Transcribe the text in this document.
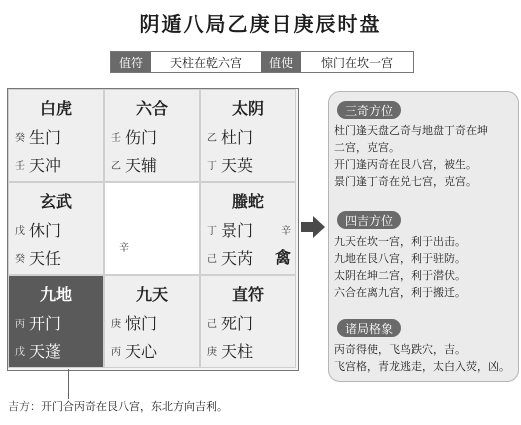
阴遁八局乙庚日庚辰时盘
值符	天柱在乾六宫	值使	惊门在坎一宫
白虎
癸 生门
壬 天冲
六合
壬 伤门
乙 天辅
太阴
乙 杜门
丁 天英
玄武
戊 休门
癸 天任
辛
螣蛇
丁 景门	辛
己 天芮 禽
九地
丙 开门
戊 天蓬
九天
庚 惊门
丙 天心
直符
己 死门
庚 天柱
三奇方位
杜门逢天盘乙奇与地盘丁奇在坤
二宫，克宫。
开门逢丙奇在艮八宫，被生。
景门逢丁奇在兑七宫，克宫。
四吉方位
九天在坎一宫，利于出击。
九地在艮八宫，利于驻防。
太阴在坤二宫，利于潜伏。
六合在离九宫，利于搬迁。
诸局格象
丙奇得使，飞鸟跌穴，吉。
飞宫格，青龙逃走，太白入荧，凶。
吉方：开门合丙奇在艮八宫，东北方向吉利。
